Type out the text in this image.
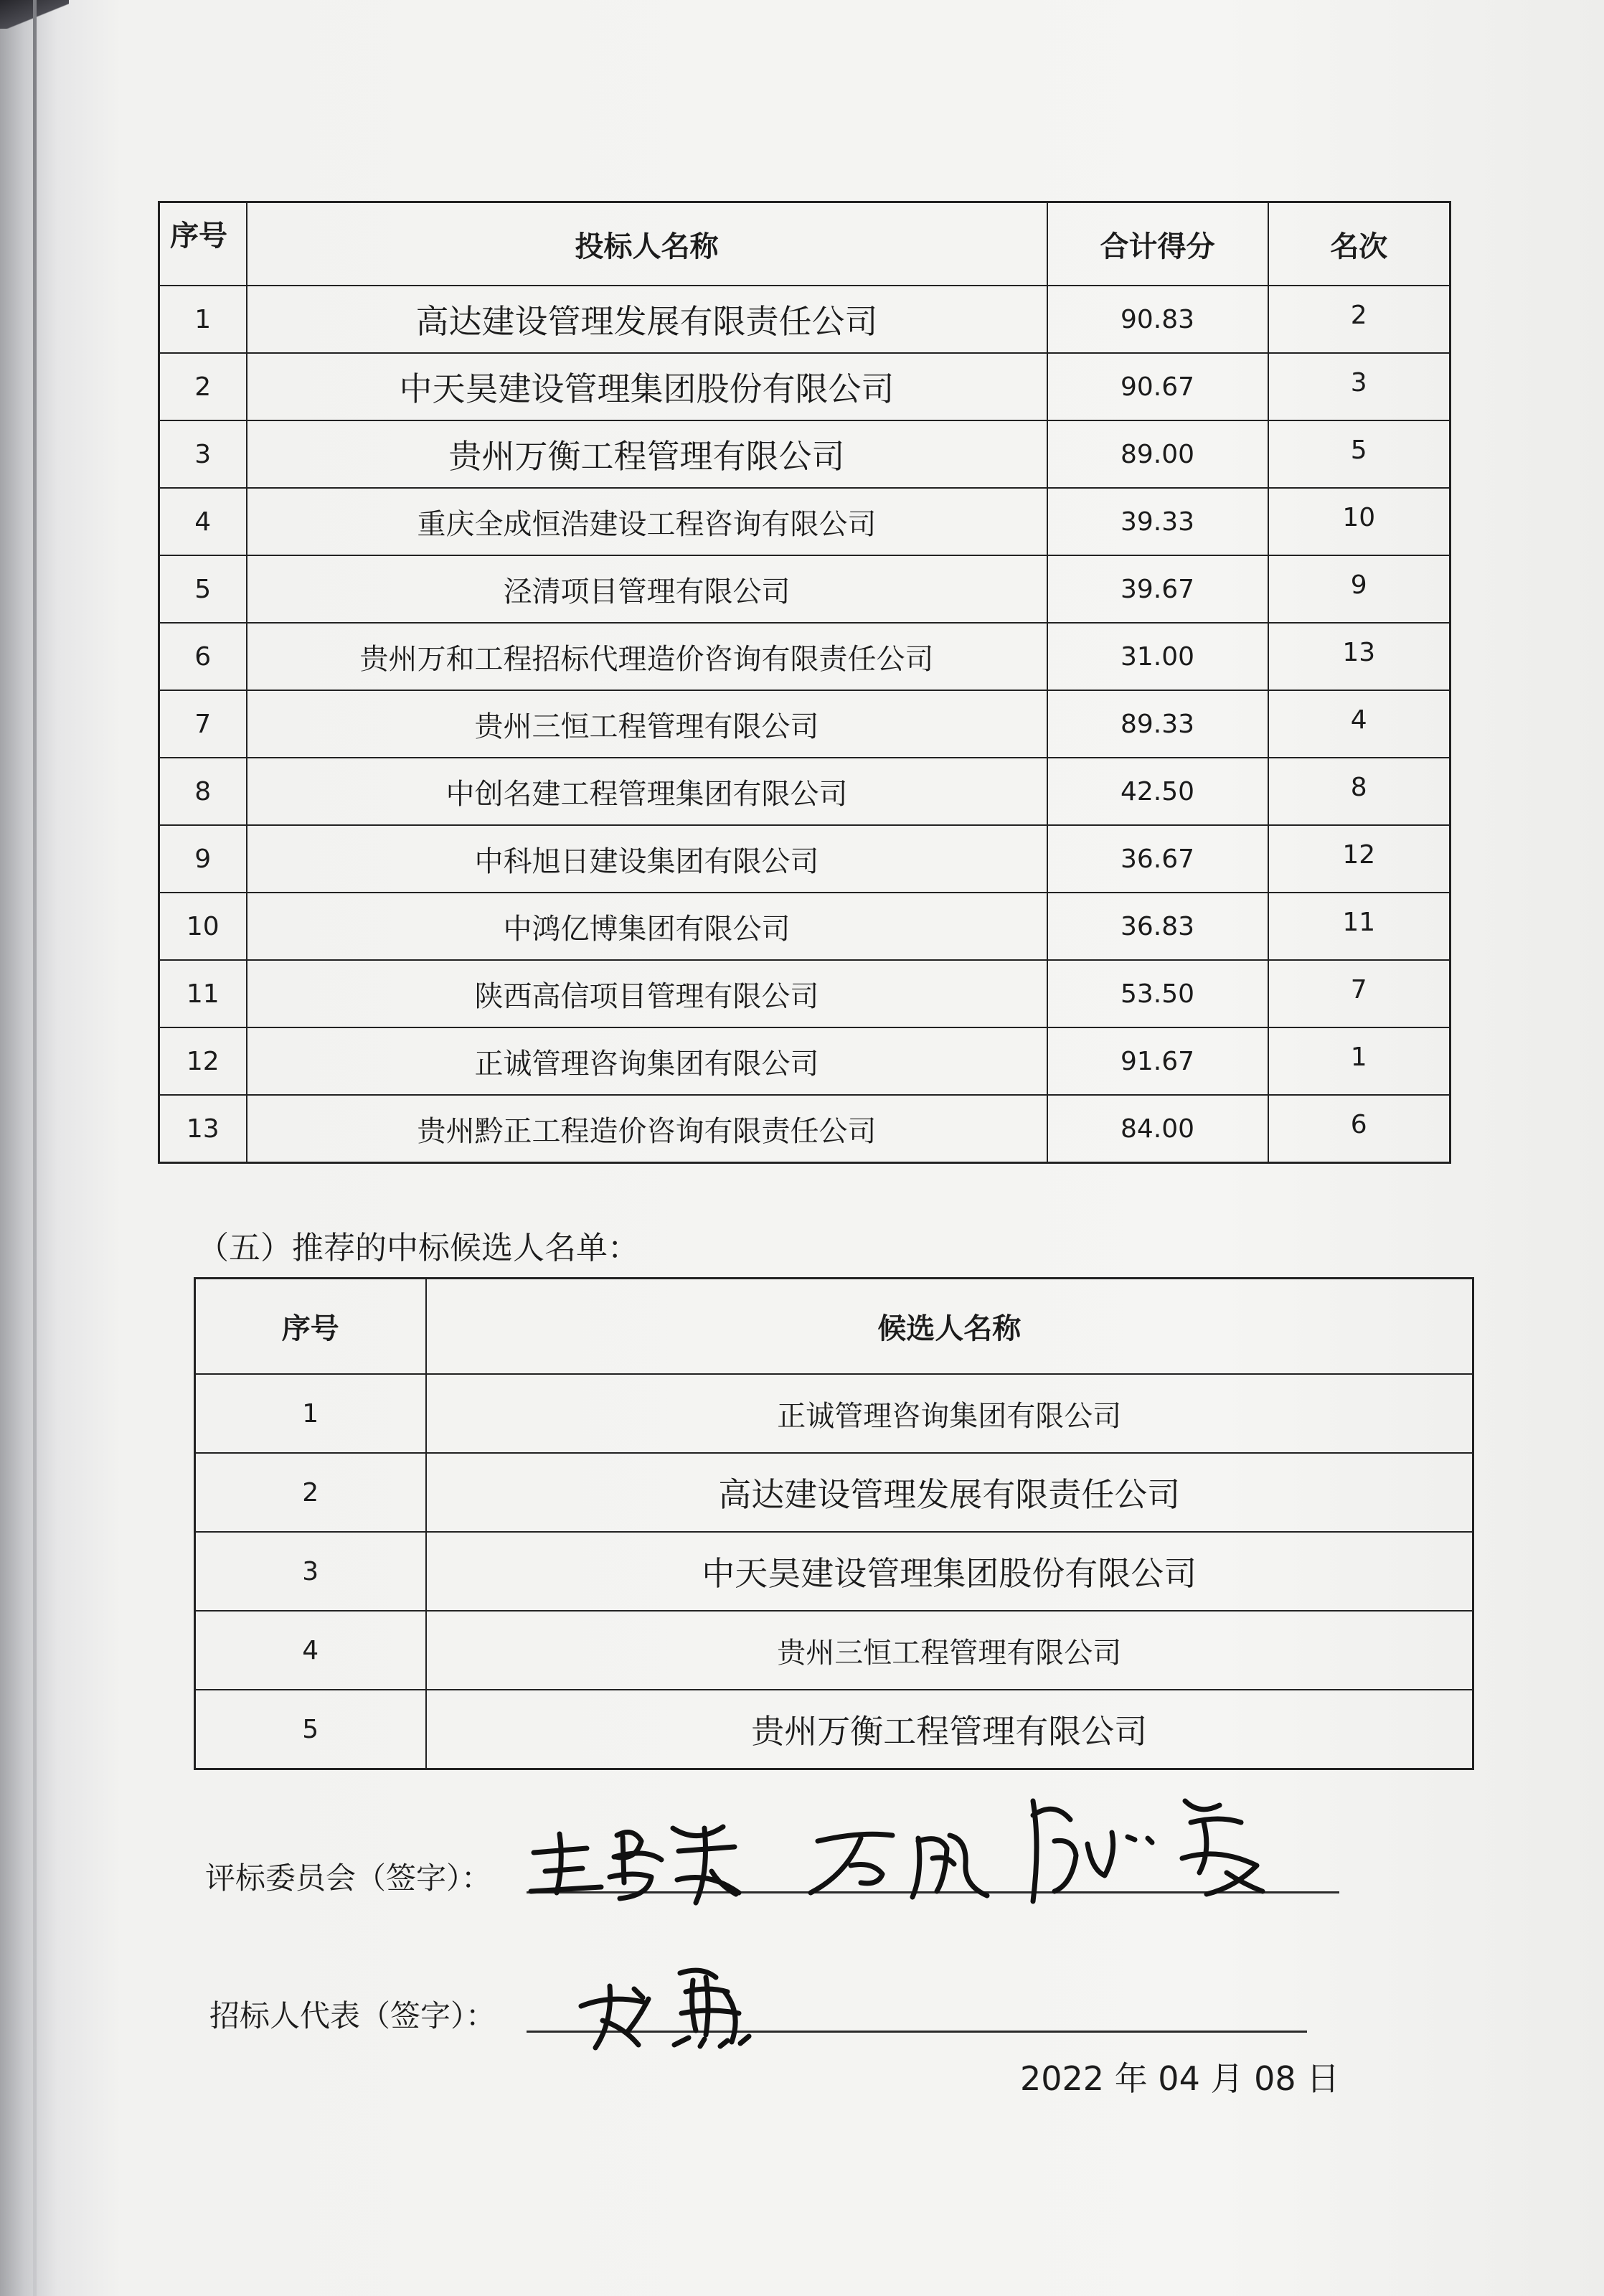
序号	投标人名称	合计得分	名次
1	高达建设管理发展有限责任公司	90.83	2
2	中天昊建设管理集团股份有限公司	90.67	3
3	贵州万衡工程管理有限公司	89.00	5
4	重庆全成恒浩建设工程咨询有限公司	39.33	10
5	泾清项目管理有限公司	39.67	9
6	贵州万和工程招标代理造价咨询有限责任公司	31.00	13
7	贵州三恒工程管理有限公司	89.33	4
8	中创名建工程管理集团有限公司	42.50	8
9	中科旭日建设集团有限公司	36.67	12
10	中鸿亿博集团有限公司	36.83	11
11	陕西高信项目管理有限公司	53.50	7
12	正诚管理咨询集团有限公司	91.67	1
13	贵州黔正工程造价咨询有限责任公司	84.00	6
（五）推荐的中标候选人名单：
序号	候选人名称
1	正诚管理咨询集团有限公司
2	高达建设管理发展有限责任公司
3	中天昊建设管理集团股份有限公司
4	贵州三恒工程管理有限公司
5	贵州万衡工程管理有限公司
评标委员会（签字）：
招标人代表（签字）：
2022 年 04 月 08 日
